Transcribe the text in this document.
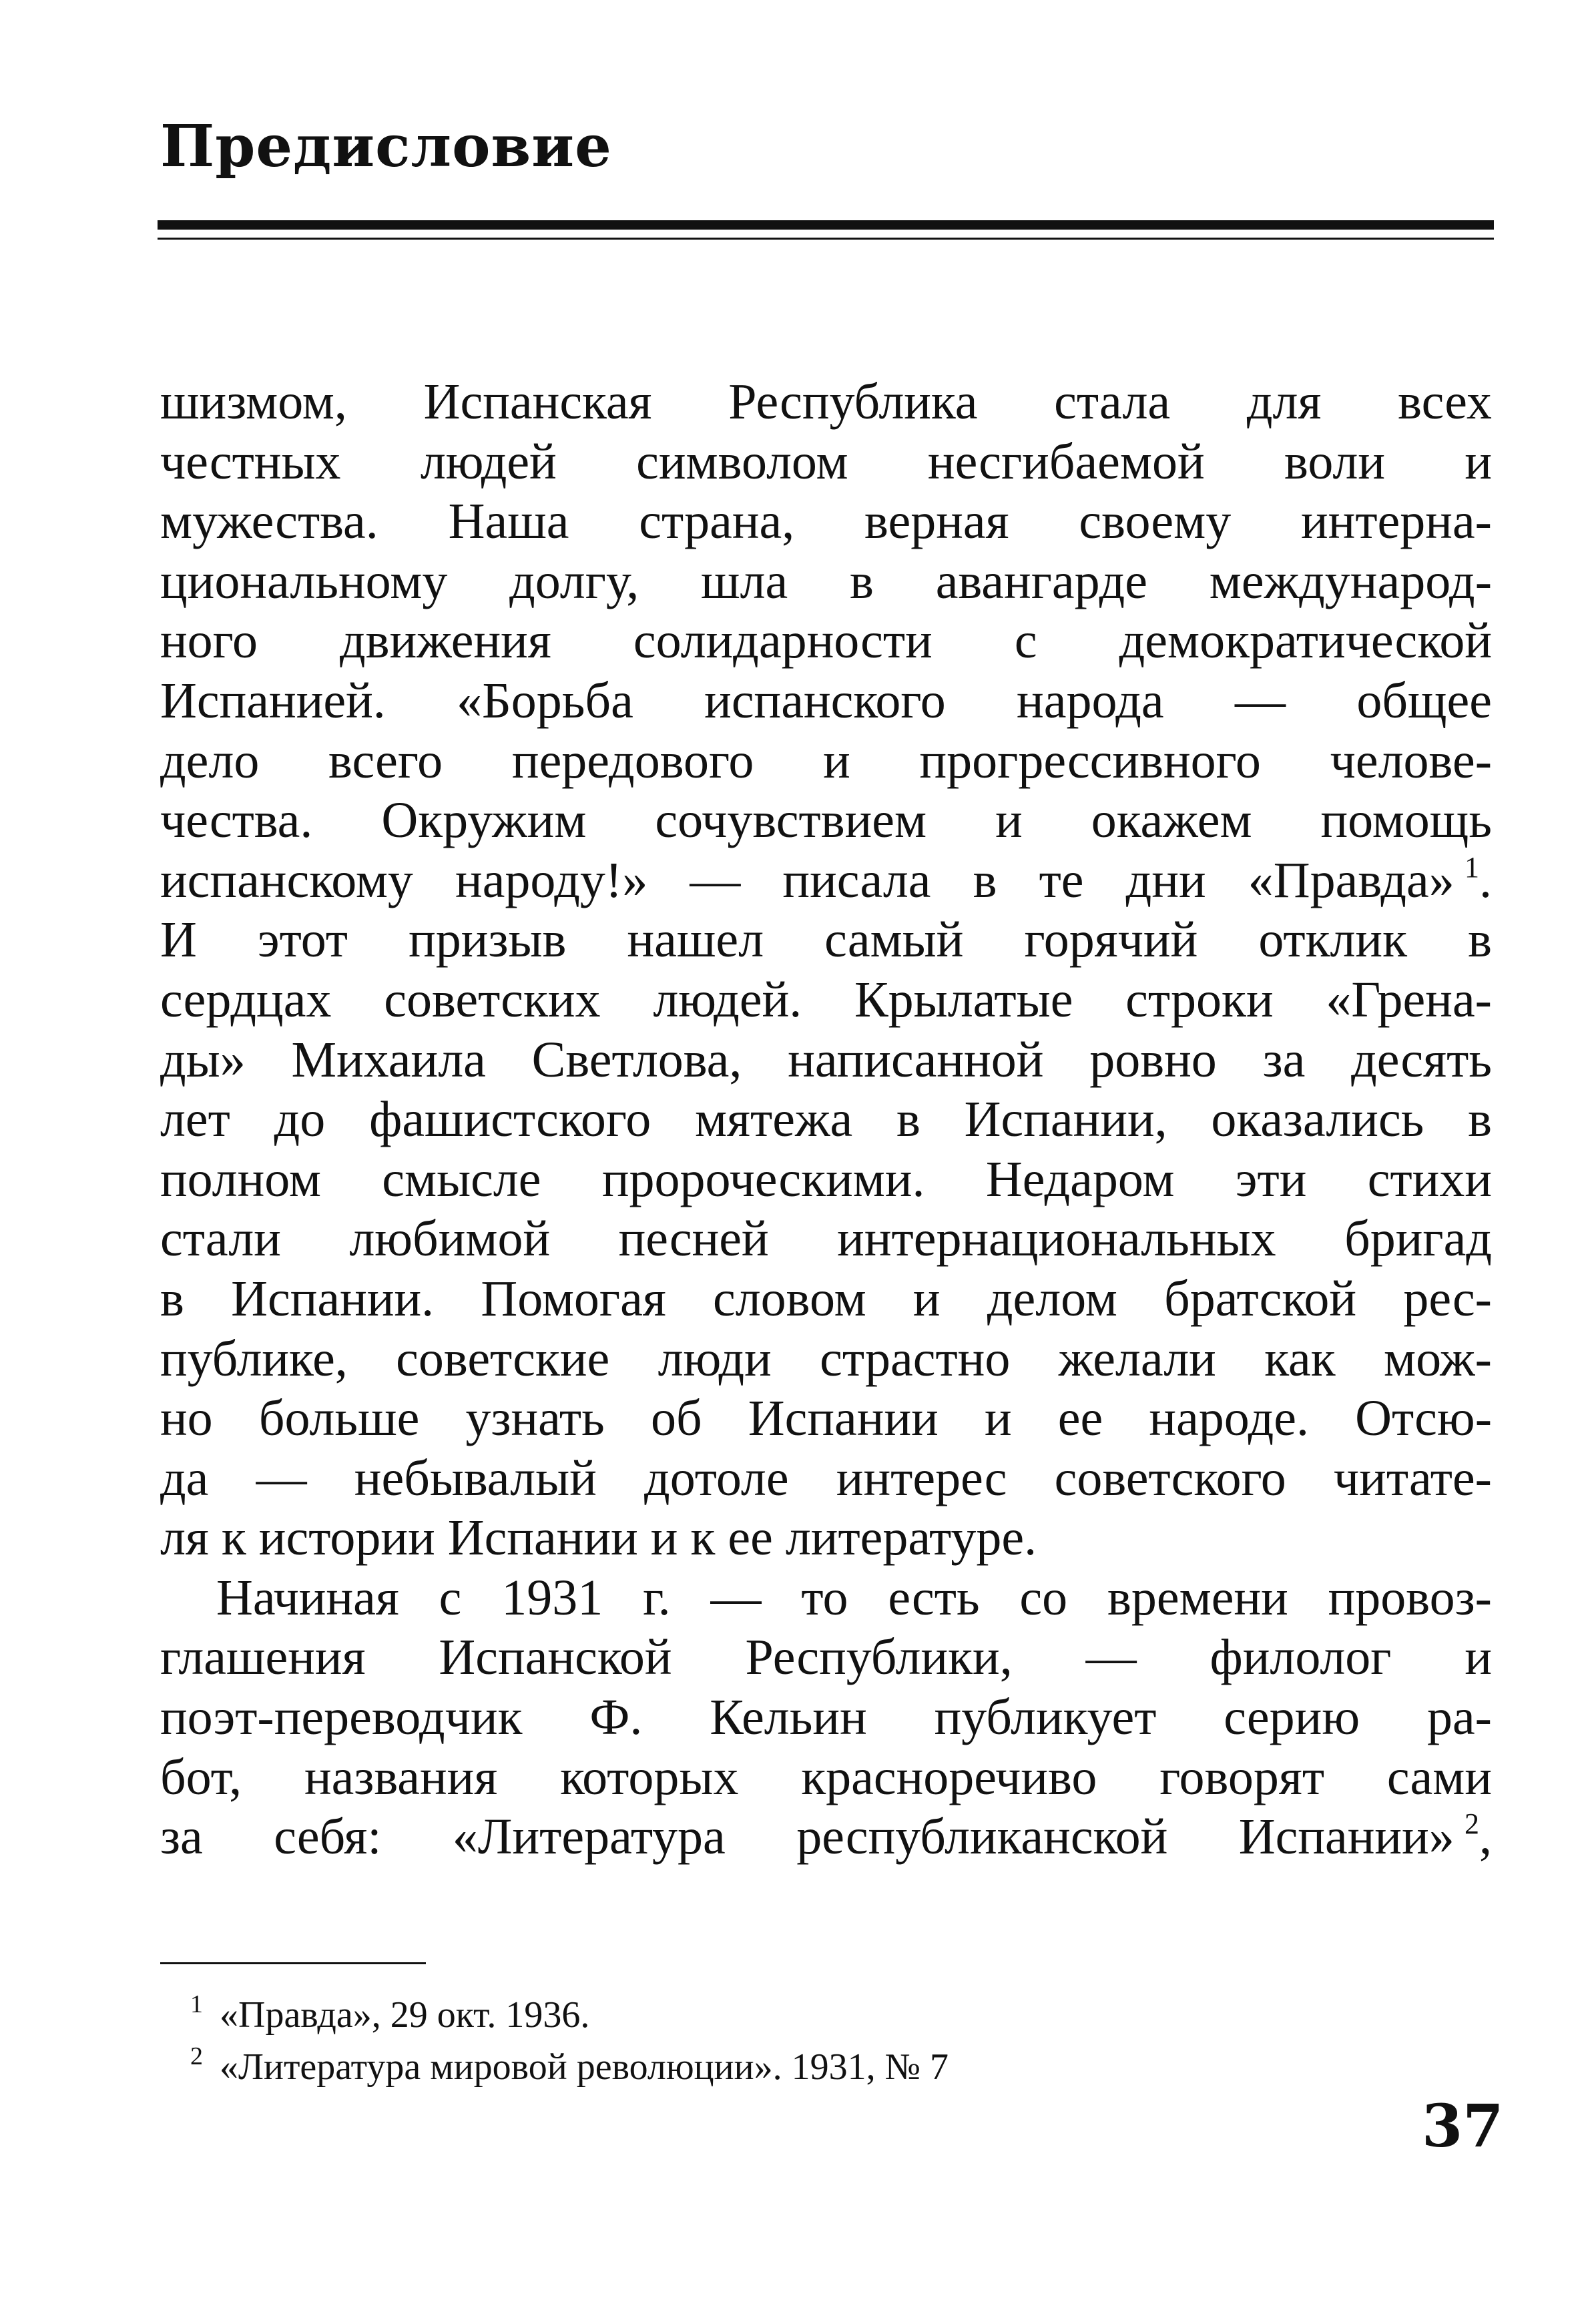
Предисловие
шизмом, Испанская Республика стала для всех
честных людей символом несгибаемой воли и
мужества. Наша страна, верная своему интерна-
циональному долгу, шла в авангарде международ-
ного движения солидарности с демократической
Испанией. «Борьба испанского народа — общее
дело всего передового и прогрессивного челове-
чества. Окружим сочувствием и окажем помощь
испанскому народу!» — писала в те дни «Правда»  $^1$.
И этот призыв нашел самый горячий отклик в
сердцах советских людей. Крылатые строки «Грена-
ды» Михаила Светлова, написанной ровно за десять
лет до фашистского мятежа в Испании, оказались в
полном смысле пророческими. Недаром эти стихи
стали любимой песней интернациональных бригад
в Испании. Помогая словом и делом братской рес-
публике, советские люди страстно желали как мож-
но больше узнать об Испании и ее народе. Отсю-
да — небывалый дотоле интерес советского читате-
ля к истории Испании и к ее литературе.
Начиная с 1931 г. — то есть со времени провоз-
глашения Испанской Республики, — филолог и
поэт-переводчик Ф. Кельин публикует серию ра-
бот, названия которых красноречиво говорят сами
за себя: «Литература республиканской Испании»  $^2$,
1 «Правда», 29 окт. 1936.
2 «Литература мировой революции». 1931, № 7
37
